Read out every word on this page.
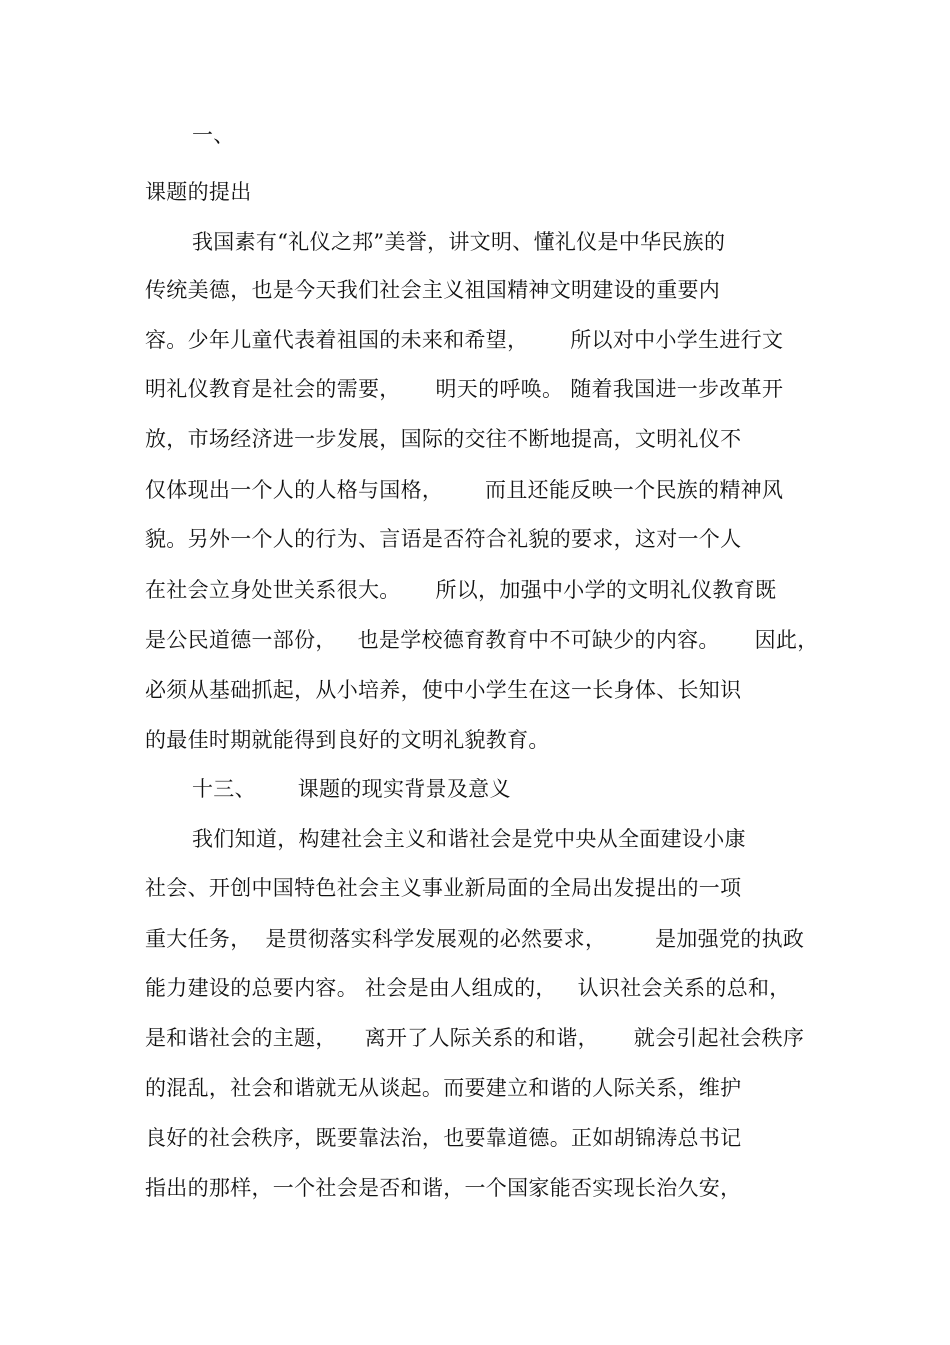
一、
课题的提出
我国素有“礼仪之邦”美誉，讲文明、懂礼仪是中华民族的
传统美德，也是今天我们社会主义祖国精神文明建设的重要内
容。少年儿童代表着祖国的未来和希望，      所以对中小学生进行文
明礼仪教育是社会的需要，     明天的呼唤。 随着我国进一步改革开
放，市场经济进一步发展，国际的交往不断地提高，文明礼仪不
仅体现出一个人的人格与国格，      而且还能反映一个民族的精神风
貌。另外一个人的行为、言语是否符合礼貌的要求，这对一个人
在社会立身处世关系很大。     所以，加强中小学的文明礼仪教育既
是公民道德一部份，   也是学校德育教育中不可缺少的内容。     因此，
必须从基础抓起，从小培养，使中小学生在这一长身体、长知识
的最佳时期就能得到良好的文明礼貌教育。
十三、      课题的现实背景及意义
我们知道，构建社会主义和谐社会是党中央从全面建设小康
社会、开创中国特色社会主义事业新局面的全局出发提出的一项
重大任务，  是贯彻落实科学发展观的必然要求，       是加强党的执政
能力建设的总要内容。 社会是由人组成的，   认识社会关系的总和，
是和谐社会的主题，    离开了人际关系的和谐，     就会引起社会秩序
的混乱，社会和谐就无从谈起。而要建立和谐的人际关系，维护
良好的社会秩序，既要靠法治，也要靠道德。正如胡锦涛总书记
指出的那样，一个社会是否和谐，一个国家能否实现长治久安，
